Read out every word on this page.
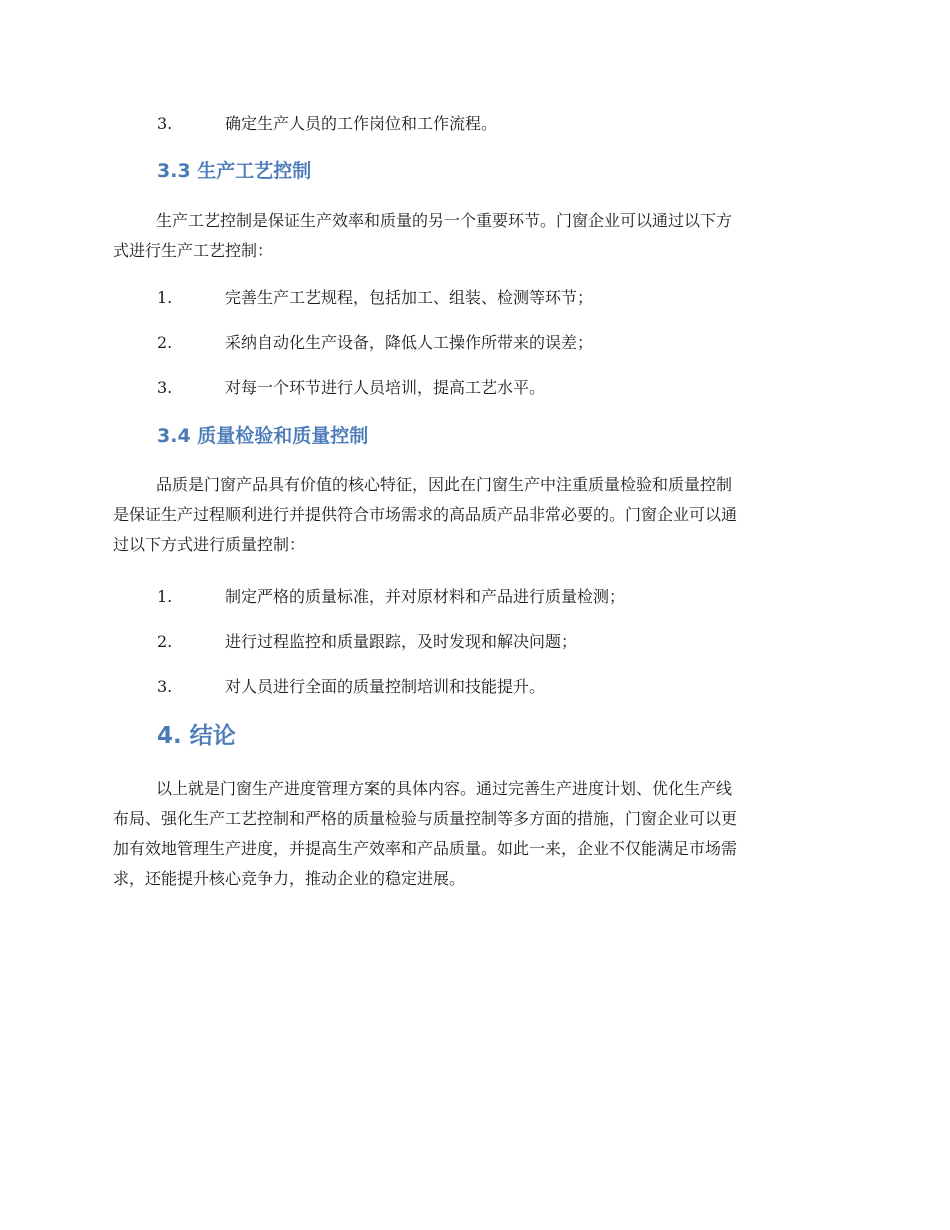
3.	确定生产人员的工作岗位和工作流程。
3.3 生产工艺控制
生产工艺控制是保证生产效率和质量的另一个重要环节。门窗企业可以通过以下方
式进行生产工艺控制：
1.	完善生产工艺规程，包括加工、组装、检测等环节；
2.	采纳自动化生产设备，降低人工操作所带来的误差；
3.	对每一个环节进行人员培训，提高工艺水平。
3.4 质量检验和质量控制
品质是门窗产品具有价值的核心特征，因此在门窗生产中注重质量检验和质量控制
是保证生产过程顺利进行并提供符合市场需求的高品质产品非常必要的。门窗企业可以通
过以下方式进行质量控制：
1.	制定严格的质量标准，并对原材料和产品进行质量检测；
2.	进行过程监控和质量跟踪，及时发现和解决问题；
3.	对人员进行全面的质量控制培训和技能提升。
4. 结论
以上就是门窗生产进度管理方案的具体内容。通过完善生产进度计划、优化生产线
布局、强化生产工艺控制和严格的质量检验与质量控制等多方面的措施，门窗企业可以更
加有效地管理生产进度，并提高生产效率和产品质量。如此一来，企业不仅能满足市场需
求，还能提升核心竞争力，推动企业的稳定进展。
